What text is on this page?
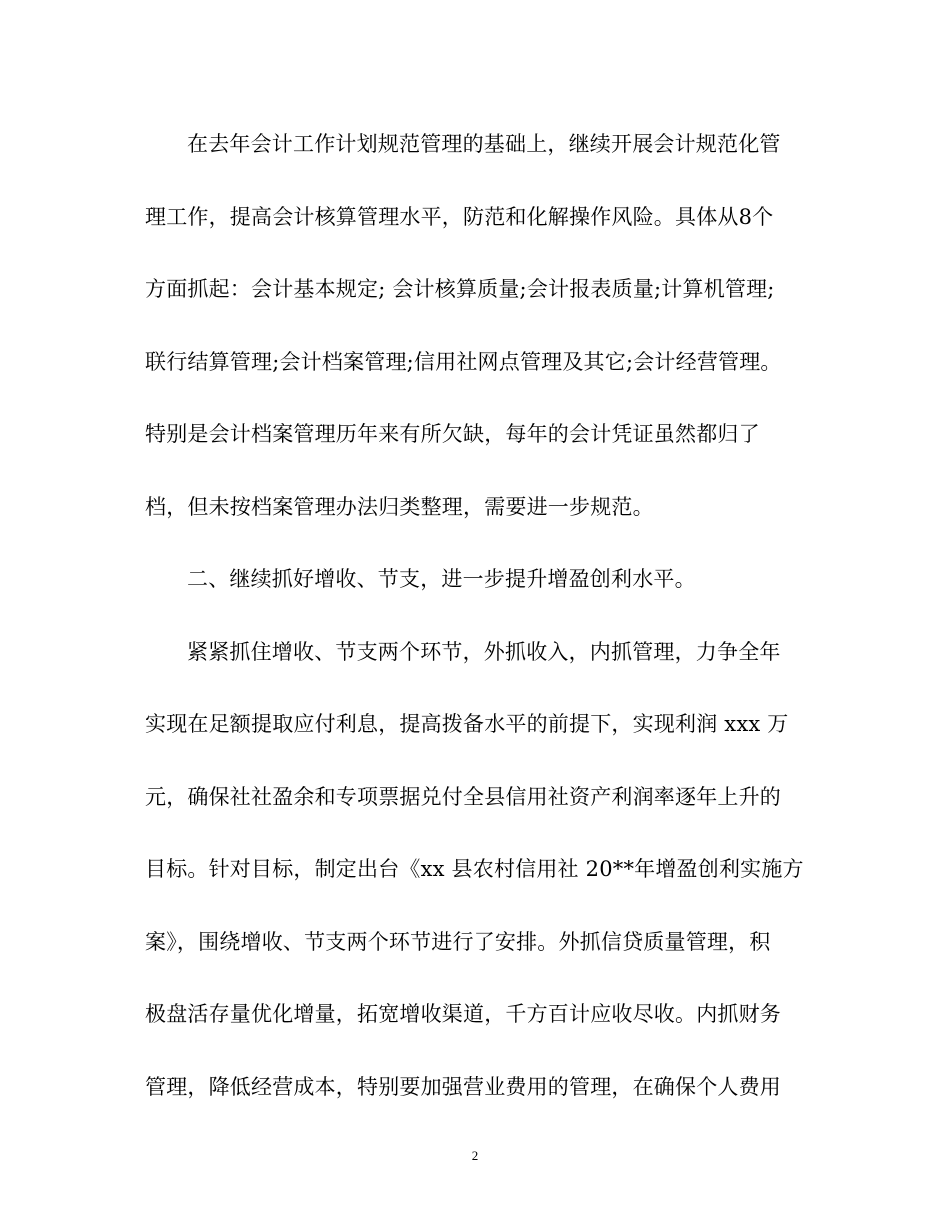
在去年会计工作计划规范管理的基础上，继续开展会计规范化管
理工作，提高会计核算管理水平，防范和化解操作风险。具体从8个
方面抓起：会计基本规定; 会计核算质量;会计报表质量;计算机管理;
联行结算管理;会计档案管理;信用社网点管理及其它;会计经营管理。
特别是会计档案管理历年来有所欠缺，每年的会计凭证虽然都归了
档，但未按档案管理办法归类整理，需要进一步规范。
二、继续抓好增收、节支，进一步提升增盈创利水平。
紧紧抓住增收、节支两个环节，外抓收入，内抓管理，力争全年
实现在足额提取应付利息，提高拨备水平的前提下，实现利润 xxx 万
元，确保社社盈余和专项票据兑付全县信用社资产利润率逐年上升的
目标。针对目标，制定出台《xx 县农村信用社 20**年增盈创利实施方
案》，围绕增收、节支两个环节进行了安排。外抓信贷质量管理，积
极盘活存量优化增量，拓宽增收渠道，千方百计应收尽收。内抓财务
管理，降低经营成本，特别要加强营业费用的管理，在确保个人费用
2
